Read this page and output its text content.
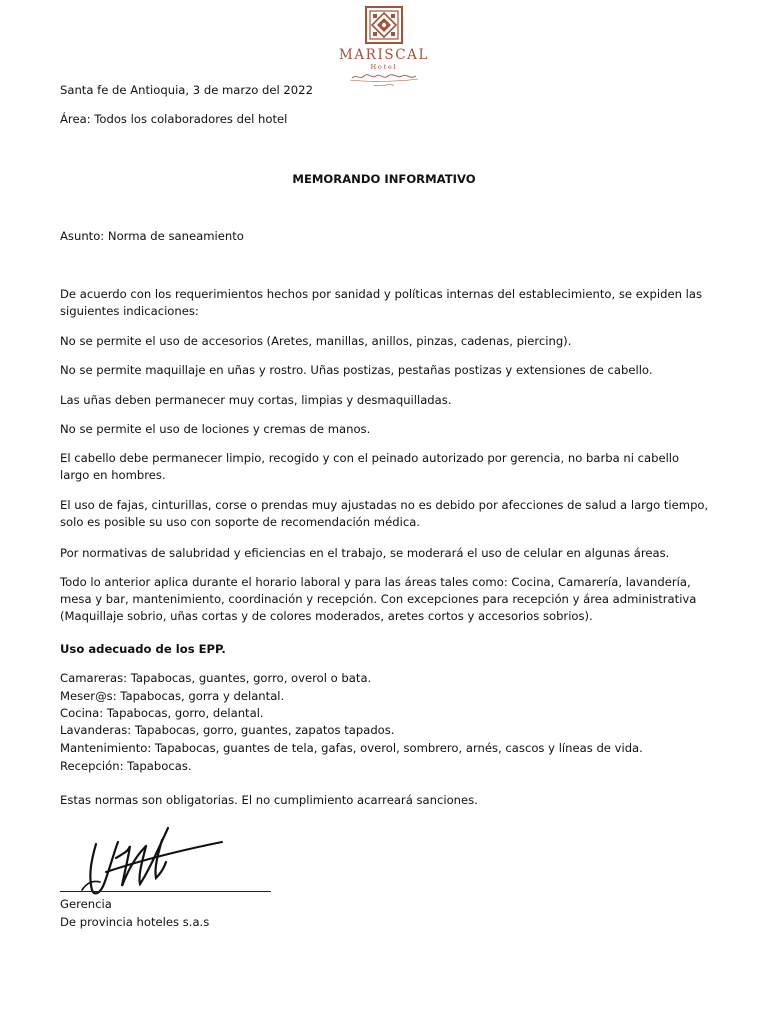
MARISCAL
Hotel
Santa fe de Antioquia, 3 de marzo del 2022
Área: Todos los colaboradores del hotel
MEMORANDO INFORMATIVO
Asunto: Norma de saneamiento
De acuerdo con los requerimientos hechos por sanidad y políticas internas del establecimiento, se expiden las siguientes indicaciones:
No se permite el uso de accesorios (Aretes, manillas, anillos, pinzas, cadenas, piercing).
No se permite maquillaje en uñas y rostro. Uñas postizas, pestañas postizas y extensiones de cabello.
Las uñas deben permanecer muy cortas, limpias y desmaquilladas.
No se permite el uso de lociones y cremas de manos.
El cabello debe permanecer limpio, recogido y con el peinado autorizado por gerencia, no barba ni cabello largo en hombres.
El uso de fajas, cinturillas, corse o prendas muy ajustadas no es debido por afecciones de salud a largo tiempo, solo es posible su uso con soporte de recomendación médica.
Por normativas de salubridad y eficiencias en el trabajo, se moderará el uso de celular en algunas áreas.
Todo lo anterior aplica durante el horario laboral y para las áreas tales como: Cocina, Camarería, lavandería, mesa y bar, mantenimiento, coordinación y recepción. Con excepciones para recepción y área administrativa (Maquillaje sobrio, uñas cortas y de colores moderados, aretes cortos y accesorios sobrios).
Uso adecuado de los EPP.
Camareras: Tapabocas, guantes, gorro, overol o bata.
Meser@s: Tapabocas, gorra y delantal.
Cocina: Tapabocas, gorro, delantal.
Lavanderas: Tapabocas, gorro, guantes, zapatos tapados.
Mantenimiento: Tapabocas, guantes de tela, gafas, overol, sombrero, arnés, cascos y líneas de vida.
Recepción: Tapabocas.
Estas normas son obligatorias. El no cumplimiento acarreará sanciones.
Gerencia
De provincia hoteles s.a.s
